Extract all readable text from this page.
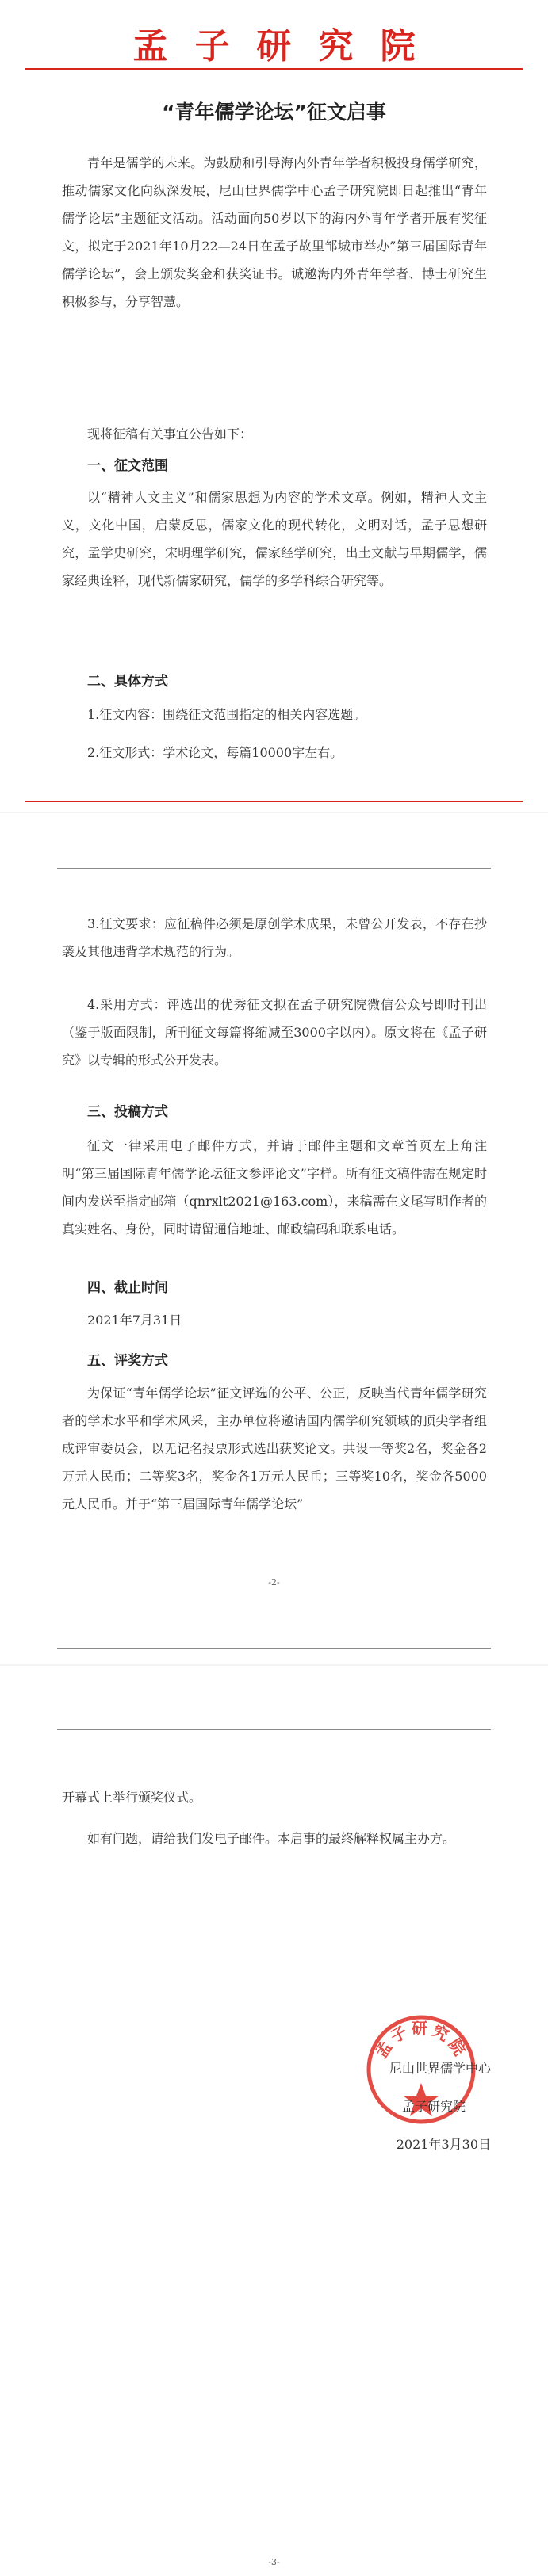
孟子研究院
“青年儒学论坛”征文启事

青年是儒学的未来。为鼓励和引导海内外青年学者积极投身儒学研究，推动儒家文化向纵深发展，尼山世界儒学中心孟子研究院即日起推出“青年儒学论坛”主题征文活动。活动面向50岁以下的海内外青年学者开展有奖征文，拟定于2021年10月22—24日在孟子故里邹城市举办”第三届国际青年儒学论坛”，会上颁发奖金和获奖证书。诚邀海内外青年学者、博士研究生积极参与，分享智慧。

现将征稿有关事宜公告如下：

一、征文范围

以“精神人文主义”和儒家思想为内容的学术文章。例如，精神人文主义，文化中国，启蒙反思，儒家文化的现代转化，文明对话，孟子思想研究，孟学史研究，宋明理学研究，儒家经学研究，出土文献与早期儒学，儒家经典诠释，现代新儒家研究，儒学的多学科综合研究等。

二、具体方式

1.征文内容：围绕征文范围指定的相关内容选题。

2.征文形式：学术论文，每篇10000字左右。

3.征文要求：应征稿件必须是原创学术成果，未曾公开发表，不存在抄袭及其他违背学术规范的行为。

4.采用方式：评选出的优秀征文拟在孟子研究院微信公众号即时刊出（鉴于版面限制，所刊征文每篇将缩减至3000字以内）。原文将在《孟子研究》以专辑的形式公开发表。

三、投稿方式

征文一律采用电子邮件方式，并请于邮件主题和文章首页左上角注明“第三届国际青年儒学论坛征文参评论文”字样。所有征文稿件需在规定时间内发送至指定邮箱（qnrxlt2021@163.com），来稿需在文尾写明作者的真实姓名、身份，同时请留通信地址、邮政编码和联系电话。

四、截止时间

2021年7月31日

五、评奖方式

为保证“青年儒学论坛”征文评选的公平、公正，反映当代青年儒学研究者的学术水平和学术风采，主办单位将邀请国内儒学研究领域的顶尖学者组成评审委员会，以无记名投票形式选出获奖论文。共设一等奖2名，奖金各2万元人民币；二等奖3名，奖金各1万元人民币；三等奖10名，奖金各5000元人民币。并于“第三届国际青年儒学论坛”

-2-

开幕式上举行颁奖仪式。

如有问题，请给我们发电子邮件。本启事的最终解释权属主办方。

孟子研究院
尼山世界儒学中心
孟子研究院
2021年3月30日
-3-
